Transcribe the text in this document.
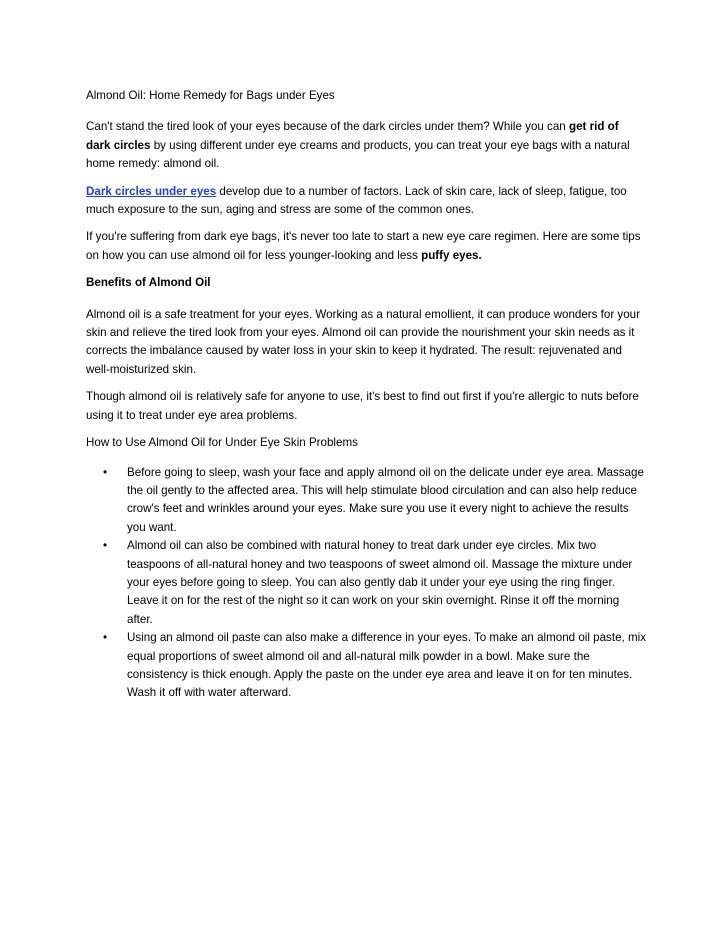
Almond Oil: Home Remedy for Bags under Eyes

Can't stand the tired look of your eyes because of the dark circles under them? While you can get rid of dark circles by using different under eye creams and products, you can treat your eye bags with a natural home remedy: almond oil.

Dark circles under eyes develop due to a number of factors. Lack of skin care, lack of sleep, fatigue, too much exposure to the sun, aging and stress are some of the common ones.

If you're suffering from dark eye bags, it's never too late to start a new eye care regimen. Here are some tips on how you can use almond oil for less younger-looking and less puffy eyes.

Benefits of Almond Oil

Almond oil is a safe treatment for your eyes. Working as a natural emollient, it can produce wonders for your skin and relieve the tired look from your eyes. Almond oil can provide the nourishment your skin needs as it corrects the imbalance caused by water loss in your skin to keep it hydrated. The result: rejuvenated and well-moisturized skin.

Though almond oil is relatively safe for anyone to use, it's best to find out first if you're allergic to nuts before using it to treat under eye area problems.

How to Use Almond Oil for Under Eye Skin Problems

• Before going to sleep, wash your face and apply almond oil on the delicate under eye area. Massage the oil gently to the affected area. This will help stimulate blood circulation and can also help reduce crow's feet and wrinkles around your eyes. Make sure you use it every night to achieve the results you want.
• Almond oil can also be combined with natural honey to treat dark under eye circles. Mix two teaspoons of all-natural honey and two teaspoons of sweet almond oil. Massage the mixture under your eyes before going to sleep. You can also gently dab it under your eye using the ring finger. Leave it on for the rest of the night so it can work on your skin overnight. Rinse it off the morning after.
• Using an almond oil paste can also make a difference in your eyes. To make an almond oil paste, mix equal proportions of sweet almond oil and all-natural milk powder in a bowl. Make sure the consistency is thick enough. Apply the paste on the under eye area and leave it on for ten minutes. Wash it off with water afterward.
